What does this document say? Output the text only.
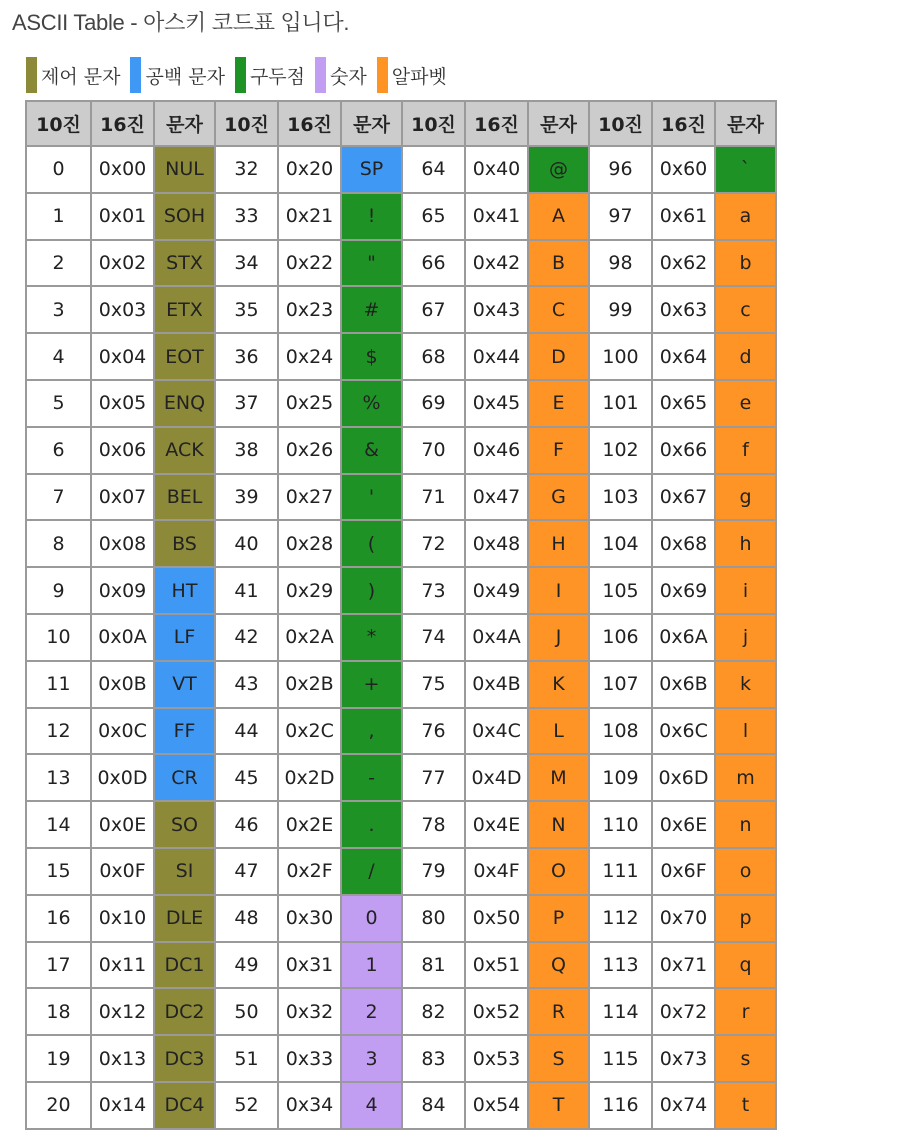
ASCII Table - 아스키 코드표 입니다.
제어 문자 공백 문자 구두점 숫자 알파벳
10진	16진	문자	10진	16진	문자	10진	16진	문자	10진	16진	문자
0	0x00	NUL	32	0x20	SP	64	0x40	@	96	0x60	`
1	0x01	SOH	33	0x21	!	65	0x41	A	97	0x61	a
2	0x02	STX	34	0x22	"	66	0x42	B	98	0x62	b
3	0x03	ETX	35	0x23	#	67	0x43	C	99	0x63	c
4	0x04	EOT	36	0x24	$	68	0x44	D	100	0x64	d
5	0x05	ENQ	37	0x25	%	69	0x45	E	101	0x65	e
6	0x06	ACK	38	0x26	&	70	0x46	F	102	0x66	f
7	0x07	BEL	39	0x27	'	71	0x47	G	103	0x67	g
8	0x08	BS	40	0x28	(	72	0x48	H	104	0x68	h
9	0x09	HT	41	0x29	)	73	0x49	I	105	0x69	i
10	0x0A	LF	42	0x2A	*	74	0x4A	J	106	0x6A	j
11	0x0B	VT	43	0x2B	+	75	0x4B	K	107	0x6B	k
12	0x0C	FF	44	0x2C	,	76	0x4C	L	108	0x6C	l
13	0x0D	CR	45	0x2D	-	77	0x4D	M	109	0x6D	m
14	0x0E	SO	46	0x2E	.	78	0x4E	N	110	0x6E	n
15	0x0F	SI	47	0x2F	/	79	0x4F	O	111	0x6F	o
16	0x10	DLE	48	0x30	0	80	0x50	P	112	0x70	p
17	0x11	DC1	49	0x31	1	81	0x51	Q	113	0x71	q
18	0x12	DC2	50	0x32	2	82	0x52	R	114	0x72	r
19	0x13	DC3	51	0x33	3	83	0x53	S	115	0x73	s
20	0x14	DC4	52	0x34	4	84	0x54	T	116	0x74	t
